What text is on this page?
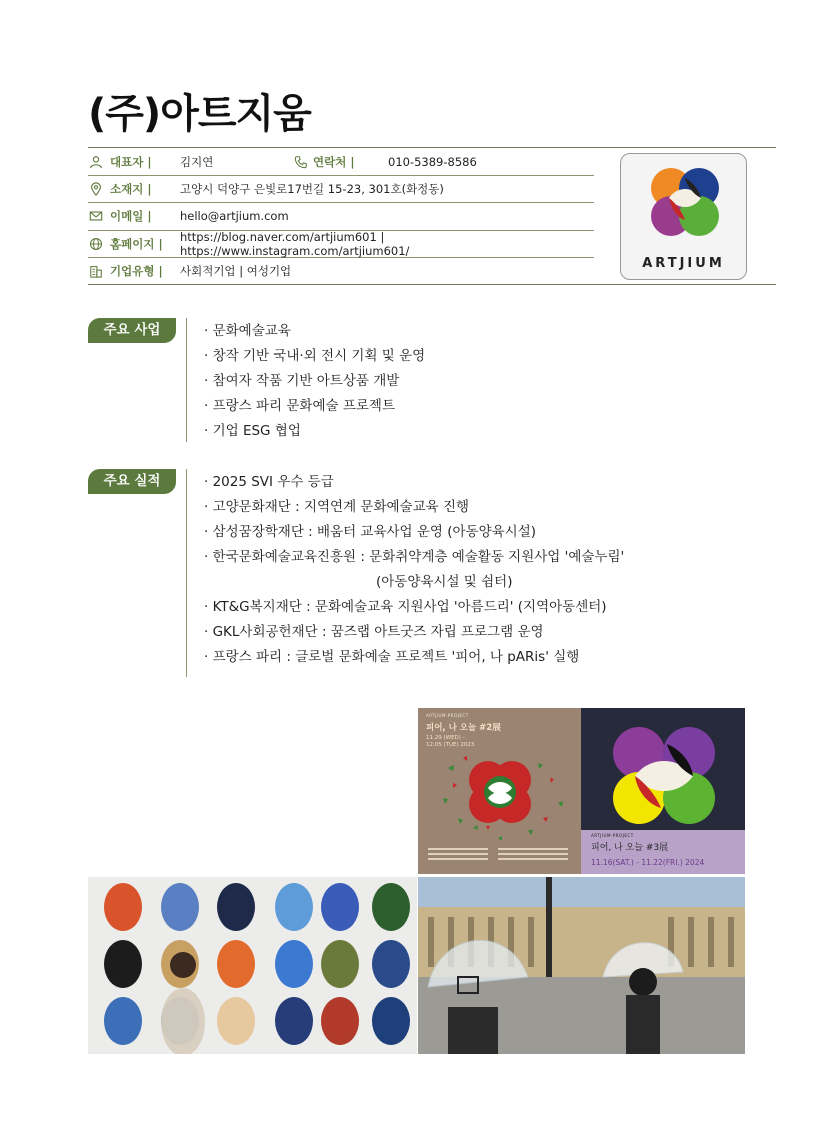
(주)아트지움
대표자 |	김지연	연락처 |	010-5389-8586
소재지 |	고양시 덕양구 은빛로17번길 15-23, 301호(화정동)
이메일 |	hello@artjium.com
홈페이지 |	https://blog.naver.com/artjium601 | https://www.instagram.com/artjium601/
기업유형 |	사회적기업 | 여성기업	ARTJIUM
주요 사업	· 문화예술교육
· 창작 기반 국내·외 전시 기획 및 운영
· 참여자 작품 기반 아트상품 개발
· 프랑스 파리 문화예술 프로젝트
· 기업 ESG 협업
주요 실적	· 2025 SVI 우수 등급
· 고양문화재단 : 지역연계 문화예술교육 진행
· 삼성꿈장학재단 : 배움터 교육사업 운영 (아동양육시설)
· 한국문화예술교육진흥원 : 문화취약계층 예술활동 지원사업 '예술누림'
(아동양육시설 및 쉼터)
· KT&G복지재단 : 문화예술교육 지원사업 '아름드리' (지역아동센터)
· GKL사회공헌재단 : 꿈즈랩 아트굿즈 자립 프로그램 운영
· 프랑스 파리 : 글로벌 문화예술 프로젝트 '피어, 나 pARis' 실행
ARTJIUM-PROJECT
피어, 나 오늘 #2展
11.29 (WED) -
12.05 (TUE) 2023
ARTJIUM-PROJECT
피어, 나 오늘 #3展
11.16(SAT.) - 11.22(FRI.) 2024
